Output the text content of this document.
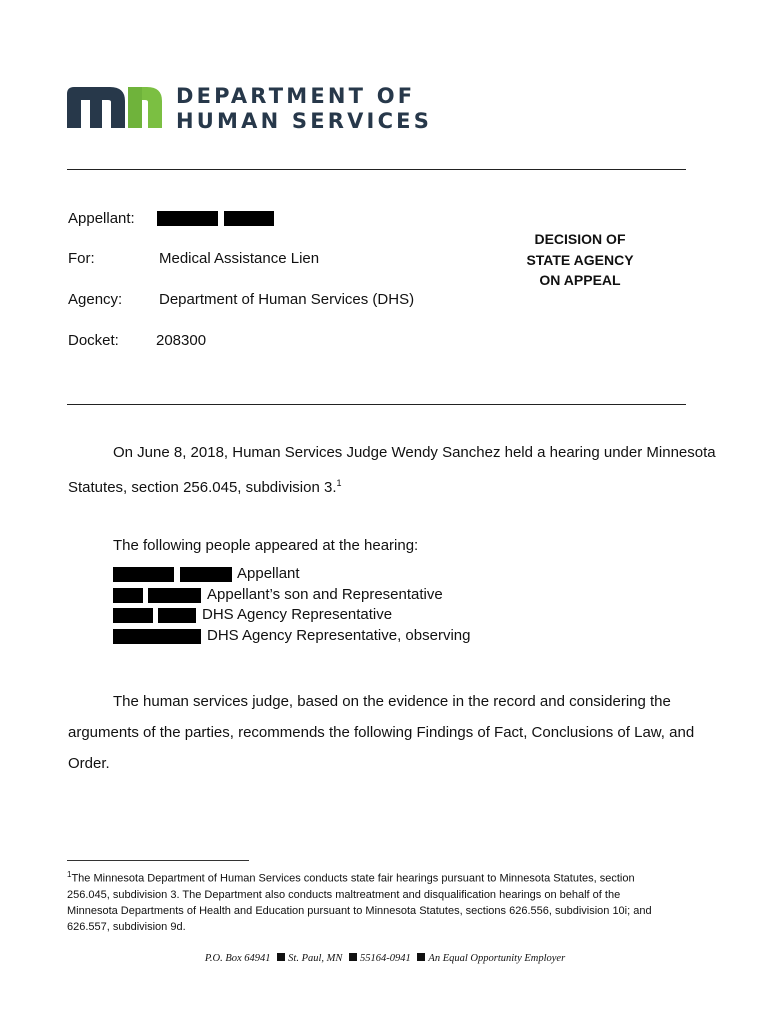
DEPARTMENT OF
HUMAN SERVICES
Appellant:
For:	Medical Assistance Lien
Agency: Department of Human Services (DHS)
Docket: 208300
DECISION OF
STATE AGENCY
ON APPEAL
On June 8, 2018, Human Services Judge Wendy Sanchez held a hearing under Minnesota
Statutes, section 256.045, subdivision 3.$^1$
The following people appeared at the hearing:
Appellant
Appellant’s son and Representative
DHS Agency Representative
DHS Agency Representative, observing
The human services judge, based on the evidence in the record and considering the
arguments of the parties, recommends the following Findings of Fact, Conclusions of Law, and
Order.
$^1$The Minnesota Department of Human Services conducts state fair hearings pursuant to Minnesota Statutes, section
256.045, subdivision 3. The Department also conducts maltreatment and disqualification hearings on behalf of the
Minnesota Departments of Health and Education pursuant to Minnesota Statutes, sections 626.556, subdivision 10i; and
626.557, subdivision 9d.
P.O. Box 64941 St. Paul, MN 55164-0941 An Equal Opportunity Employer
